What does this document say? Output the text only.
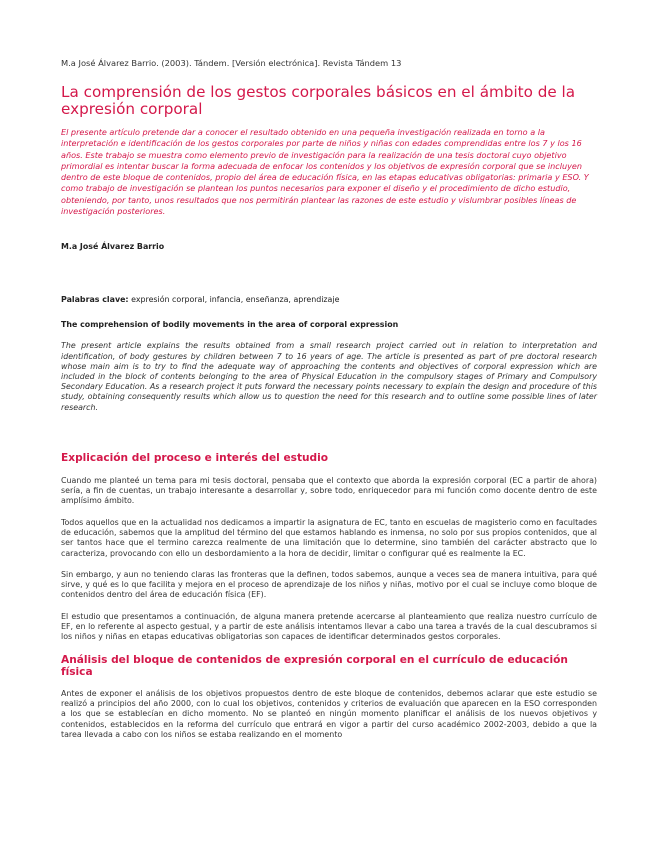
M.a José Álvarez Barrio. (2003). Tándem. [Versión electrónica]. Revista Tándem 13

La comprensión de los gestos corporales básicos en el ámbito de la expresión corporal

El presente artículo pretende dar a conocer el resultado obtenido en una pequeña investigación realizada en torno a la interpretación e identificación de los gestos corporales por parte de niños y niñas con edades comprendidas entre los 7 y los 16 años. Este trabajo se muestra como elemento previo de investigación para la realización de una tesis doctoral cuyo objetivo primordial es intentar buscar la forma adecuada de enfocar los contenidos y los objetivos de expresión corporal que se incluyen dentro de este bloque de contenidos, propio del área de educación física, en las etapas educativas obligatorias: primaria y ESO. Y como trabajo de investigación se plantean los puntos necesarios para exponer el diseño y el procedimiento de dicho estudio, obteniendo, por tanto, unos resultados que nos permitirán plantear las razones de este estudio y vislumbrar posibles líneas de investigación posteriores.

M.a José Álvarez Barrio

Palabras clave: expresión corporal, infancia, enseñanza, aprendizaje

The comprehension of bodily movements in the area of corporal expression

The present article explains the results obtained from a small research project carried out in relation to interpretation and identification, of body gestures by children between 7 to 16 years of age. The article is presented as part of pre doctoral research whose main aim is to try to find the adequate way of approaching the contents and objectives of corporal expression which are included in the block of contents belonging to the area of Physical Education in the compulsory stages of Primary and Compulsory Secondary Education. As a research project it puts forward the necessary points necessary to explain the design and procedure of this study, obtaining consequently results which allow us to question the need for this research and to outline some possible lines of later research.

Explicación del proceso e interés del estudio

Cuando me planteé un tema para mi tesis doctoral, pensaba que el contexto que aborda la expresión corporal (EC a partir de ahora) sería, a fin de cuentas, un trabajo interesante a desarrollar y, sobre todo, enriquecedor para mi función como docente dentro de este amplísimo ámbito.

Todos aquellos que en la actualidad nos dedicamos a impartir la asignatura de EC, tanto en escuelas de magisterio como en facultades de educación, sabemos que la amplitud del término del que estamos hablando es inmensa, no solo por sus propios contenidos, que al ser tantos hace que el termino carezca realmente de una limitación que lo determine, sino también del carácter abstracto que lo caracteriza, provocando con ello un desbordamiento a la hora de decidir, limitar o configurar qué es realmente la EC.

Sin embargo, y aun no teniendo claras las fronteras que la definen, todos sabemos, aunque a veces sea de manera intuitiva, para qué sirve, y qué es lo que facilita y mejora en el proceso de aprendizaje de los niños y niñas, motivo por el cual se incluye como bloque de contenidos dentro del área de educación física (EF).

El estudio que presentamos a continuación, de alguna manera pretende acercarse al planteamiento que realiza nuestro currículo de EF, en lo referente al aspecto gestual, y a partir de este análisis intentamos llevar a cabo una tarea a través de la cual descubramos si los niños y niñas en etapas educativas obligatorias son capaces de identificar determinados gestos corporales.

Análisis del bloque de contenidos de expresión corporal en el currículo de educación física

Antes de exponer el análisis de los objetivos propuestos dentro de este bloque de contenidos, debemos aclarar que este estudio se realizó a principios del año 2000, con lo cual los objetivos, contenidos y criterios de evaluación que aparecen en la ESO corresponden a los que se establecían en dicho momento. No se planteó en ningún momento planificar el análisis de los nuevos objetivos y contenidos, establecidos en la reforma del currículo que entrará en vigor a partir del curso académico 2002-2003, debido a que la tarea llevada a cabo con los niños se estaba realizando en el momento
